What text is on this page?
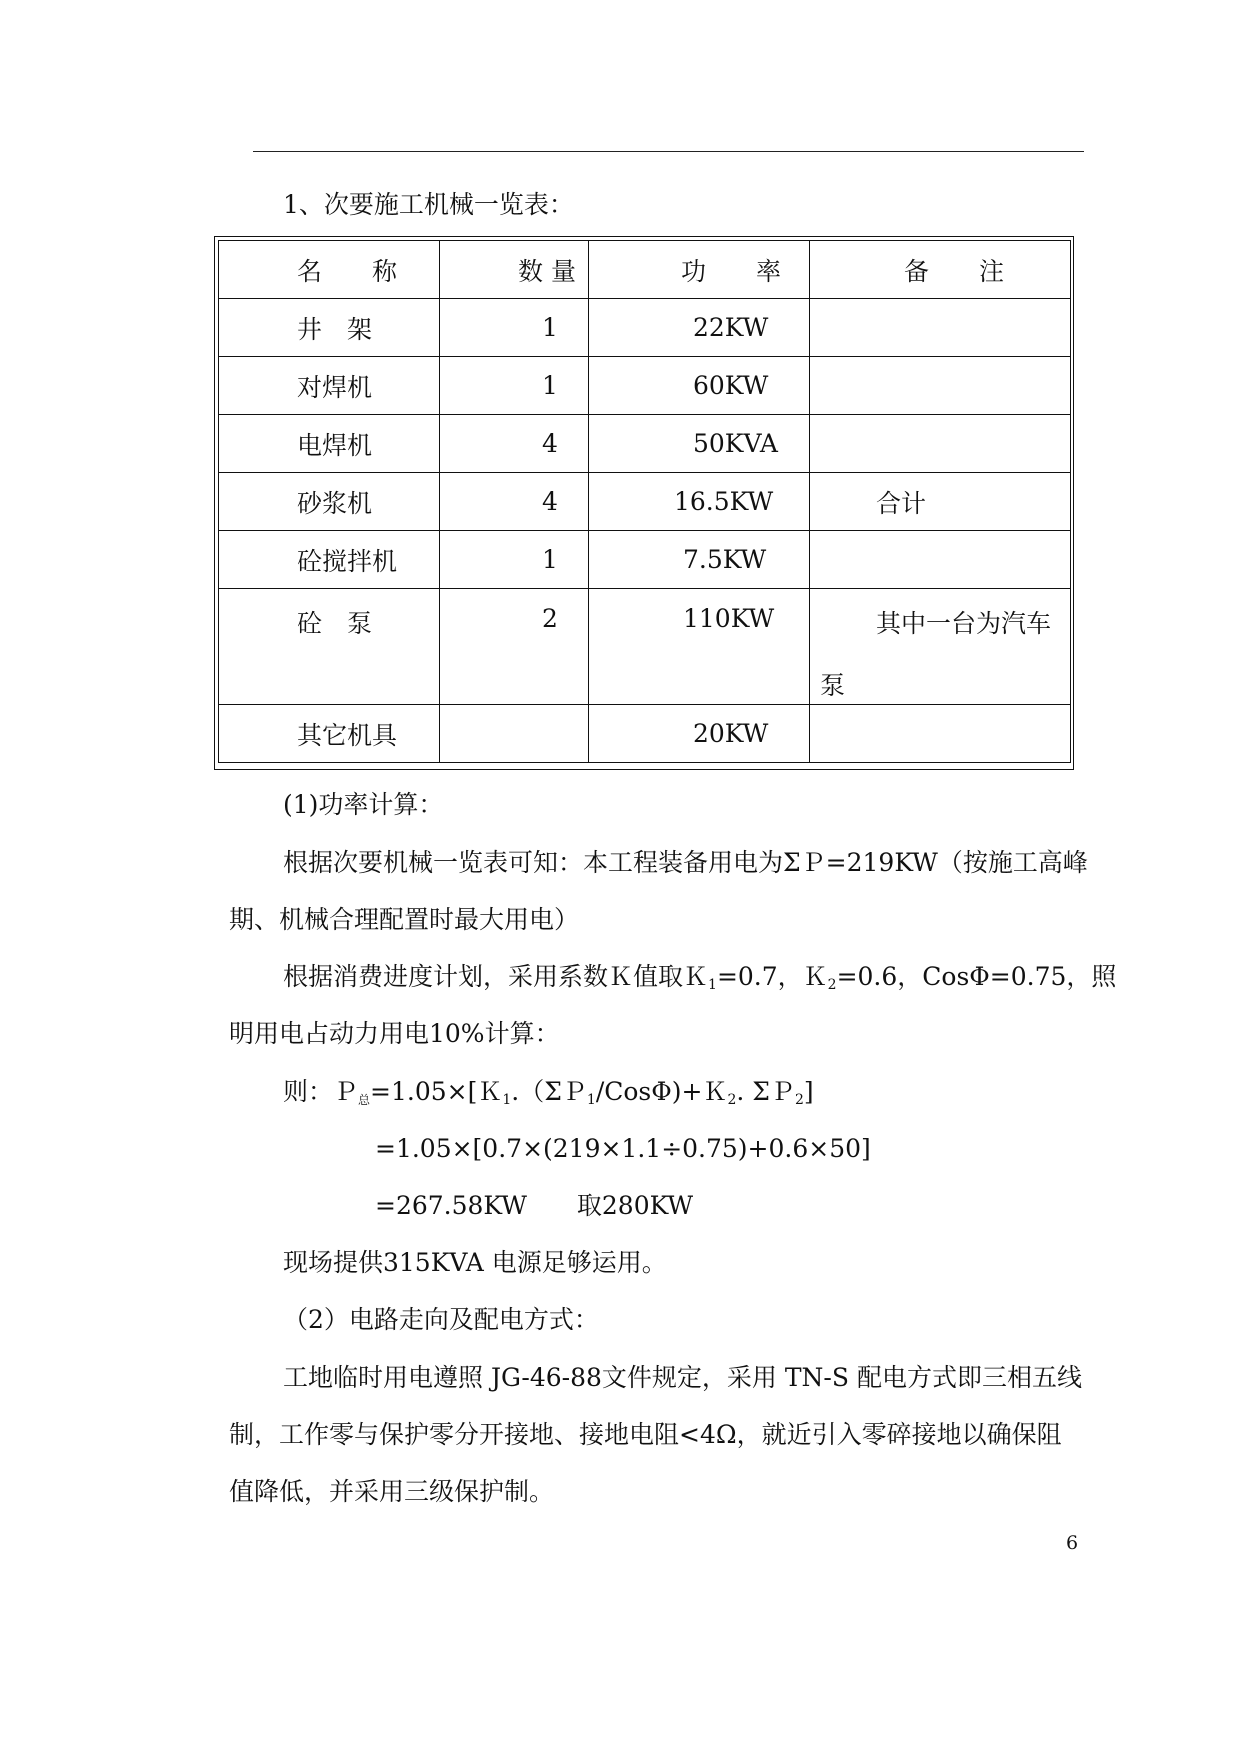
1、次要施工机械一览表：
名　　称	数 量	功　　率	备　　注
井　架	1	22KW	
对焊机	1	60KW	
电焊机	4	50KVA	
砂浆机	4	16.5KW	合计
砼搅拌机	1	7.5KW	

砼　泵	2	110KW	其中一台为汽车
泵

其它机具		20KW	
(1)功率计算：
根据次要机械一览表可知：本工程装备用电为ΣＰ=219KW（按施工高峰
期、机械合理配置时最大用电）
根据消费进度计划，采用系数Ｋ值取Ｋ$_1$=0.7，Ｋ$_2$=0.6，CosΦ=0.75，照
明用电占动力用电10%计算：
则：Ｐ$_总$=1.05×[Ｋ$_1$.（ΣＰ$_1$/CosΦ)+Ｋ$_2$. ΣＰ$_2$]
=1.05×[0.7×(219×1.1÷0.75)+0.6×50]
=267.58KW　　取280KW
现场提供315KVA 电源足够运用。
（2）电路走向及配电方式：
工地临时用电遵照 JG-46-88文件规定，采用 TN-S 配电方式即三相五线
制，工作零与保护零分开接地、接地电阻<4Ω，就近引入零碎接地以确保阻
值降低，并采用三级保护制。
6
